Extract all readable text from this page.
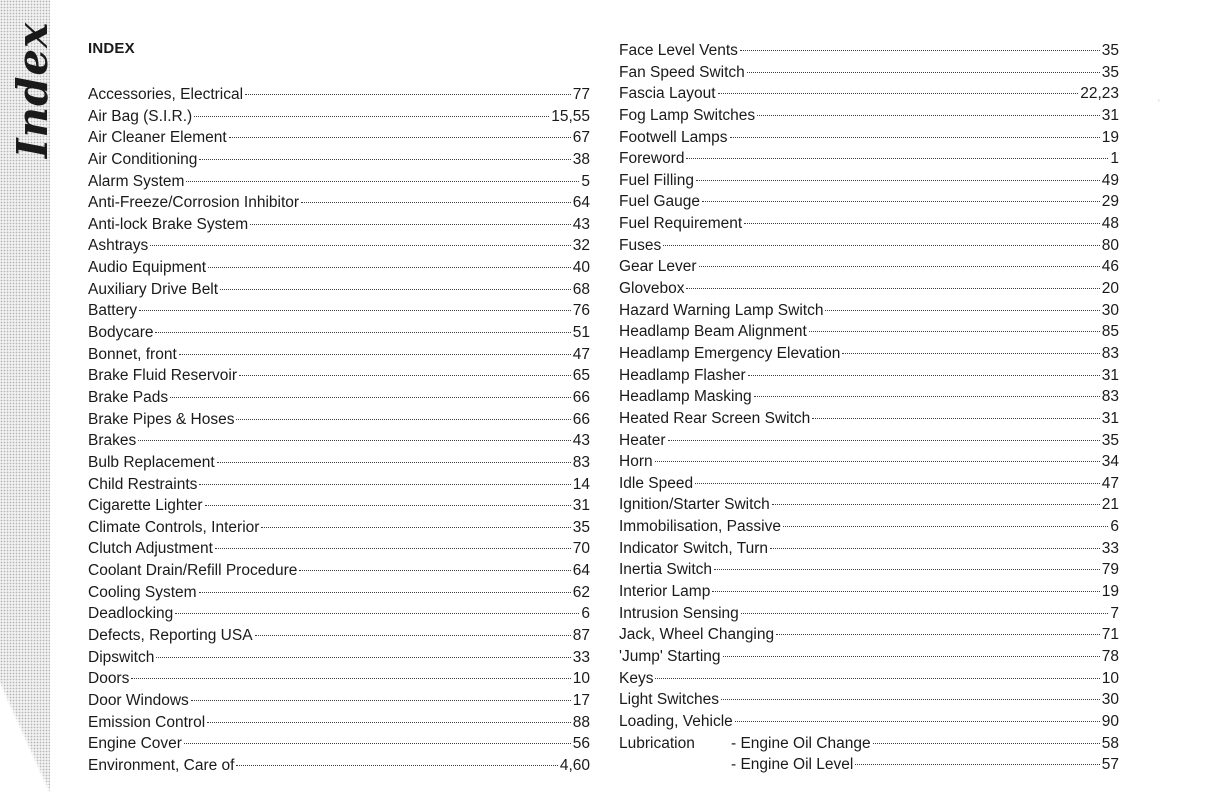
Index INDEX
Accessories, Electrical	77
Air Bag (S.I.R.)	15,55
Air Cleaner Element	67
Air Conditioning	38
Alarm System	5
Anti-Freeze/Corrosion Inhibitor	64
Anti-lock Brake System	43
Ashtrays	32
Audio Equipment	40
Auxiliary Drive Belt	68
Battery	76
Bodycare	51
Bonnet, front	47
Brake Fluid Reservoir	65
Brake Pads	66
Brake Pipes & Hoses	66
Brakes	43
Bulb Replacement	83
Child Restraints	14
Cigarette Lighter	31
Climate Controls, Interior	35
Clutch Adjustment	70
Coolant Drain/Refill Procedure	64
Cooling System	62
Deadlocking	6
Defects, Reporting USA	87
Dipswitch	33
Doors	10
Door Windows	17
Emission Control	88
Engine Cover	56
Environment, Care of	4,60
Face Level Vents	35
Fan Speed Switch	35
Fascia Layout	22,23
Fog Lamp Switches	31
Footwell Lamps	19
Foreword	1
Fuel Filling	49
Fuel Gauge	29
Fuel Requirement	48
Fuses	80
Gear Lever	46
Glovebox	20
Hazard Warning Lamp Switch	30
Headlamp Beam Alignment	85
Headlamp Emergency Elevation	83
Headlamp Flasher	31
Headlamp Masking	83
Heated Rear Screen Switch	31
Heater	35
Horn	34
Idle Speed	47
Ignition/Starter Switch	21
Immobilisation, Passive	6
Indicator Switch, Turn	33
Inertia Switch	79
Interior Lamp	19
Intrusion Sensing	7
Jack, Wheel Changing	71
'Jump' Starting	78
Keys	10
Light Switches	30
Loading, Vehicle	90
Lubrication	- Engine Oil Change	58
- Engine Oil Level	57
'
